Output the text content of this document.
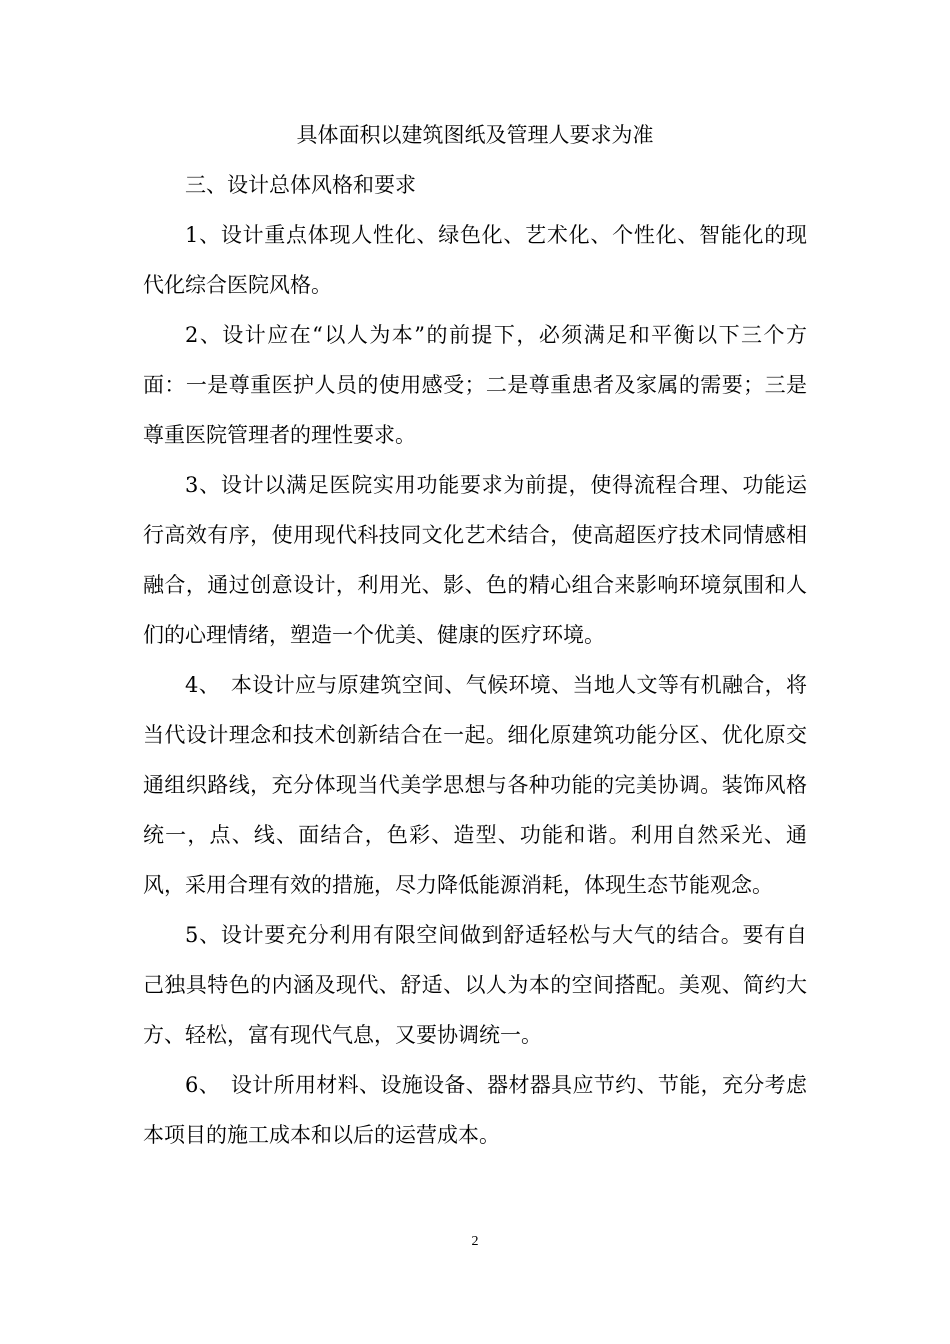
具体面积以建筑图纸及管理人要求为准

三、设计总体风格和要求

1、设计重点体现人性化、绿色化、艺术化、个性化、智能化的现代化综合医院风格。

2、设计应在“以人为本”的前提下，必须满足和平衡以下三个方面：一是尊重医护人员的使用感受；二是尊重患者及家属的需要；三是尊重医院管理者的理性要求。

3、设计以满足医院实用功能要求为前提，使得流程合理、功能运行高效有序，使用现代科技同文化艺术结合，使高超医疗技术同情感相融合，通过创意设计，利用光、影、色的精心组合来影响环境氛围和人们的心理情绪，塑造一个优美、健康的医疗环境。

4、　本设计应与原建筑空间、气候环境、当地人文等有机融合，将当代设计理念和技术创新结合在一起。细化原建筑功能分区、优化原交通组织路线，充分体现当代美学思想与各种功能的完美协调。装饰风格统一，点、线、面结合，色彩、造型、功能和谐。利用自然采光、通风，采用合理有效的措施，尽力降低能源消耗，体现生态节能观念。

5、设计要充分利用有限空间做到舒适轻松与大气的结合。要有自己独具特色的内涵及现代、舒适、以人为本的空间搭配。美观、简约大方、轻松，富有现代气息，又要协调统一。

6、　设计所用材料、设施设备、器材器具应节约、节能，充分考虑本项目的施工成本和以后的运营成本。

2
